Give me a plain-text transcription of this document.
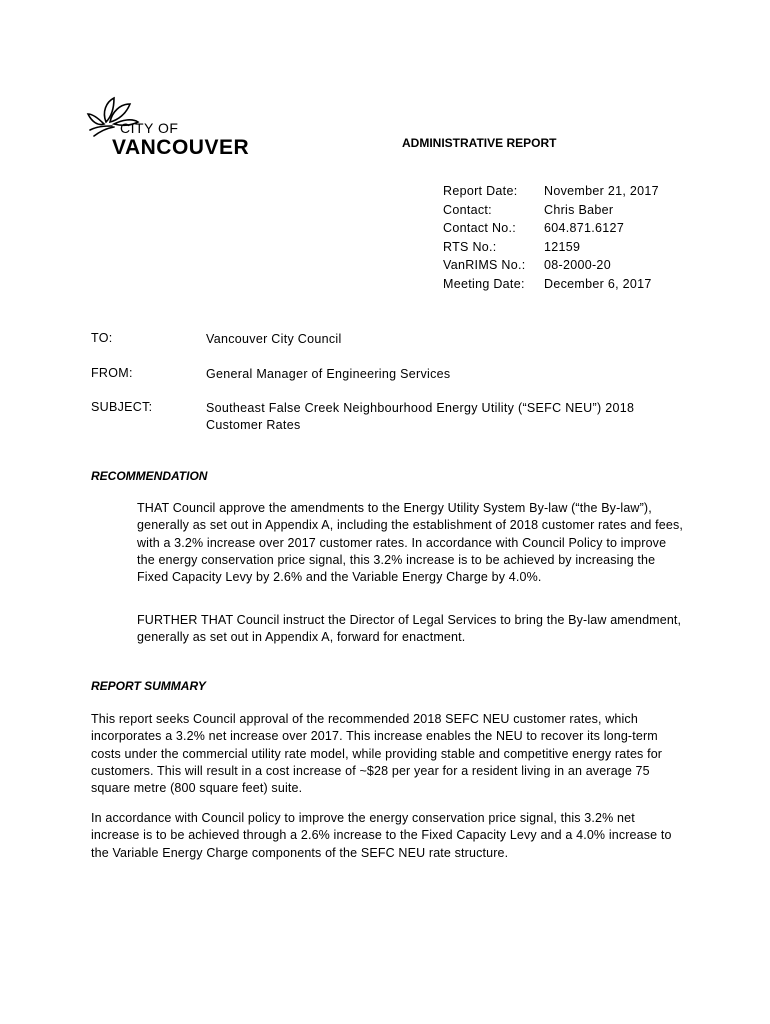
CITY OF
VANCOUVER	ADMINISTRATIVE REPORT
Report Date:	November 21, 2017
Contact:	Chris Baber
Contact No.:	604.871.6127
RTS No.:	12159
VanRIMS No.:	08-2000-20
Meeting Date:	December 6, 2017
TO:	Vancouver City Council
FROM:	General Manager of Engineering Services
SUBJECT:	Southeast False Creek Neighbourhood Energy Utility (“SEFC NEU”) 2018 Customer Rates
RECOMMENDATION
THAT Council approve the amendments to the Energy Utility System By-law (“the By-law”), generally as set out in Appendix A, including the establishment of 2018 customer rates and fees, with a 3.2% increase over 2017 customer rates. In accordance with Council Policy to improve the energy conservation price signal, this 3.2% increase is to be achieved by increasing the Fixed Capacity Levy by 2.6% and the Variable Energy Charge by 4.0%.
FURTHER THAT Council instruct the Director of Legal Services to bring the By-law amendment, generally as set out in Appendix A, forward for enactment.
REPORT SUMMARY
This report seeks Council approval of the recommended 2018 SEFC NEU customer rates, which incorporates a 3.2% net increase over 2017. This increase enables the NEU to recover its long-term costs under the commercial utility rate model, while providing stable and competitive energy rates for customers. This will result in a cost increase of ~$28 per year for a resident living in an average 75 square metre (800 square feet) suite.
In accordance with Council policy to improve the energy conservation price signal, this 3.2% net increase is to be achieved through a 2.6% increase to the Fixed Capacity Levy and a 4.0% increase to the Variable Energy Charge components of the SEFC NEU rate structure.
